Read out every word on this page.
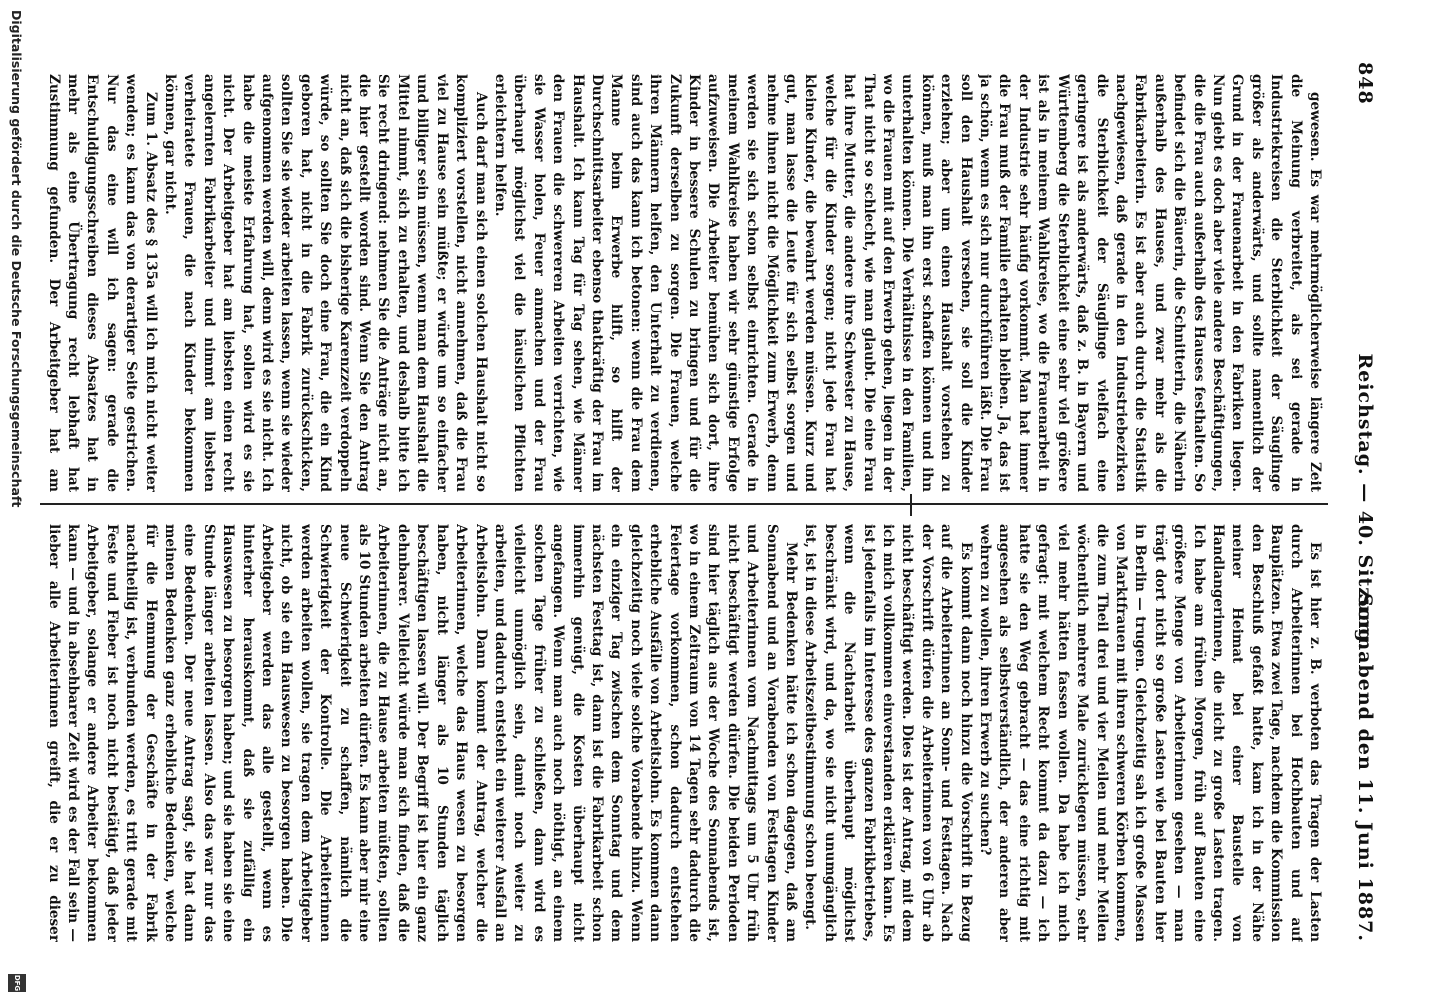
848
Reichstag. — 40. Sitzung.
Sonnabend den 11. Juni 1887.

gewesen. Es war mehrmöglicherweise längere Zeit die Meinung verbreitet, als sei gerade in Industriekreisen die Sterblichkeit der Säuglinge größer als anderwärts, und sollte namentlich der Grund in der Frauenarbeit in den Fabriken liegen. Nun giebt es doch aber viele andere Beschäftigungen, die die Frau auch außerhalb des Hauses festhalten. So befindet sich die Bäuerin, die Schnitterin, die Näherin außerhalb des Hauses, und zwar mehr als die Fabrikarbeiterin. Es ist aber auch durch die Statistik nachgewiesen, daß gerade in den Industriebezirken die Sterblichkeit der Säuglinge vielfach eine geringere ist als anderwärts, daß z. B. in Bayern und Württemberg die Sterblichkeit eine sehr viel größere ist als in meinem Wahlkreise, wo die Frauenarbeit in der Industrie sehr häufig vorkommt. Man hat immer die Frau muß der Familie erhalten bleiben. Ja, das ist ja schön, wenn es sich nur durchführen läßt. Die Frau soll den Haushalt versehen, sie soll die Kinder erziehen; aber um einen Haushalt vorstehen zu können, muß man ihn erst schaffen können und ihn unterhalten können. Die Verhältnisse in den Familien, wo die Frauen mit auf den Erwerb gehen, liegen in der That nicht so schlecht, wie man glaubt. Die eine Frau hat ihre Mutter, die andere ihre Schwester zu Hause, welche für die Kinder sorgen; nicht jede Frau hat kleine Kinder, die bewahrt werden müssen. Kurz und gut, man lasse die Leute für sich selbst sorgen und nehme ihnen nicht die Möglichkeit zum Erwerb, denn werden sie sich schon selbst einrichten. Gerade in meinem Wahlkreise haben wir sehr günstige Erfolge aufzuweisen. Die Arbeiter bemühen sich dort, ihre Kinder in bessere Schulen zu bringen und für die Zukunft derselben zu sorgen. Die Frauen, welche ihren Männern helfen, den Unterhalt zu verdienen, sind auch das kann ich betonen: wenn die Frau dem Manne beim Erwerbe hilft, so hilft der Durchschnittsarbeiter ebenso thatkräftig der Frau im Haushalt. Ich kann Tag für Tag sehen, wie Männer den Frauen die schwereren Arbeiten verrichten, wie sie Wasser holen, Feuer anmachen und der Frau überhaupt möglichst viel die häuslichen Pflichten erleichtern helfen.

Auch darf man sich einen solchen Haushalt nicht so kompliziert vorstellen, nicht annehmen, daß die Frau viel zu Hause sein müßte; er würde um so einfacher und billiger sein müssen, wenn man dem Haushalt die Mittel nimmt, sich zu erhalten, und deshalb bitte ich Sie recht dringend: nehmen Sie die Anträge nicht an, die hier gestellt worden sind. Wenn Sie den Antrag nicht an, daß sich die bisherige Karenzzeit verdoppeln würde, so sollten Sie doch eine Frau, die ein Kind geboren hat, nicht in die Fabrik zurückschicken, sollten Sie sie wieder arbeiten lassen, wenn sie wieder aufgenommen werden will, denn wird es sie nicht. Ich habe die meiste Erfahrung hat, sollen wird es sie nicht. Der Arbeitgeber hat am liebsten einen recht angelernten Fabrikarbeiter und nimmt am liebsten verheiratete Frauen, die nach Kinder bekommen können, gar nicht.

Zum 1. Absatz des § 135a will ich mich nicht weiter wenden; es kann das von derartiger Seite gestrichen. Nur das eine will ich sagen: gerade die Entschuldigungsschreiben dieses Absatzes hat in mehr als eine Übertragung recht lebhaft hat Zustimmung gefunden. Der Arbeitgeber hat am

Es ist hier z. B. verboten das Tragen der Lasten durch Arbeiterinnen bei Hochbauten und auf Bauplätzen. Etwa zwei Tage, nachdem die Kommission den Beschluß gefaßt hatte, kam ich in der Nähe meiner Heimat bei einer Baustelle von Handlangerinnen, die nicht zu große Lasten tragen. Ich habe am frühen Morgen, früh auf Bauten eine größere Menge von Arbeiterinnen gesehen — man trägt dort nicht so große Lasten wie bei Bauten hier in Berlin — trugen. Gleichzeitig sah ich große Massen von Marktfrauen mit ihren schweren Körben kommen, die zum Theil drei und vier Meilen und mehr Meilen wöchentlich mehrere Male zurücklegen müssen, sehr viel mehr hätten fassen wollen. Da habe ich mich gefragt: mit welchem Recht kommt da dazu — ich hatte sie den Weg gebracht — das eine richtig mit angesehen als selbstverständlich, der anderen aber wehren zu wollen, ihren Erwerb zu suchen?

Es kommt dann noch hinzu die Vorschrift in Bezug auf die Arbeiterinnen an Sonn- und Festtagen. Nach der Vorschrift dürfen die Arbeiterinnen von 6 Uhr ab nicht beschäftigt werden. Dies ist der Antrag, mit dem ich mich vollkommen einverstanden erklären kann. Es ist jedenfalls im Interesse des ganzen Fabrikbetriebes, wenn die Nachtarbeit überhaupt möglichst beschränkt wird, und da, wo sie nicht unumgänglich ist, ist in diese Arbeitszeitbestimmung schon beengt.

Mehr Bedenken hätte ich schon dagegen, daß am Sonnabend und an Vorabenden von Festtagen Kinder und Arbeiterinnen vom Nachmittags um 5 Uhr früh nicht beschäftigt werden dürfen. Die beiden Perioden sind hier täglich aus der Woche des Sonnabends ist, wo in einem Zeitraum von 14 Tagen sehr dadurch die Feiertage vorkommen, schon dadurch entstehen erhebliche Ausfälle von Arbeitslohn. Es kommen dann gleichzeitig noch viele solche Vorabende hinzu. Wenn ein einziger Tag zwischen dem Sonntag und dem nächsten Festtag ist, dann ist die Fabrikarbeit schon immerhin genügt, die Kosten überhaupt nicht angefangen. Wenn man auch noch nöthigt, an einem solchen Tage früher zu schließen, dann wird es vielleicht unmöglich sein, damit noch weiter zu arbeiten, und dadurch entsteht ein weiterer Ausfall an Arbeitslohn. Dann kommt der Antrag, welcher die Arbeiterinnen, welche das Haus wesen zu besorgen haben, nicht länger als 10 Stunden täglich beschäftigen lassen will. Der Begriff ist hier ein ganz dehnbarer. Vielleicht würde man sich finden, daß die Arbeiterinnen, die zu Hause arbeiten müßten, sollten als 10 Stunden arbeiten dürfen. Es kann aber mir eine neue Schwierigkeit zu schaffen, nämlich die Schwierigkeit der Kontrolle. Die Arbeiterinnen werden arbeiten wollen, sie tragen dem Arbeitgeber nicht, ob sie ein Hauswesen zu besorgen haben. Die Arbeitgeber werden das alle gestellt, wenn es hinterher herauskommt, daß sie zufällig ein Hauswesen zu besorgen haben; und sie haben sie eine Stunde länger arbeiten lassen. Also das war nur das eine Bedenken. Der neue Antrag sagt, sie hat dann meinen Bedenken ganz erhebliche Bedenken, welche für die Hemmung der Geschäfte in der Fabrik nachtheilig ist, verbunden werden, es tritt gerade mit Feste und Fieber ist noch nicht bestätigt, daß jeder Arbeitgeber, solange er andere Arbeiter bekommen kann — und in absehbarer Zeit wird es der Fall sein — lieber alle Arbeiterinnen greift, die er zu dieser

Digitalisierung gefördert durch die Deutsche Forschungsgemeinschaft
DFG
